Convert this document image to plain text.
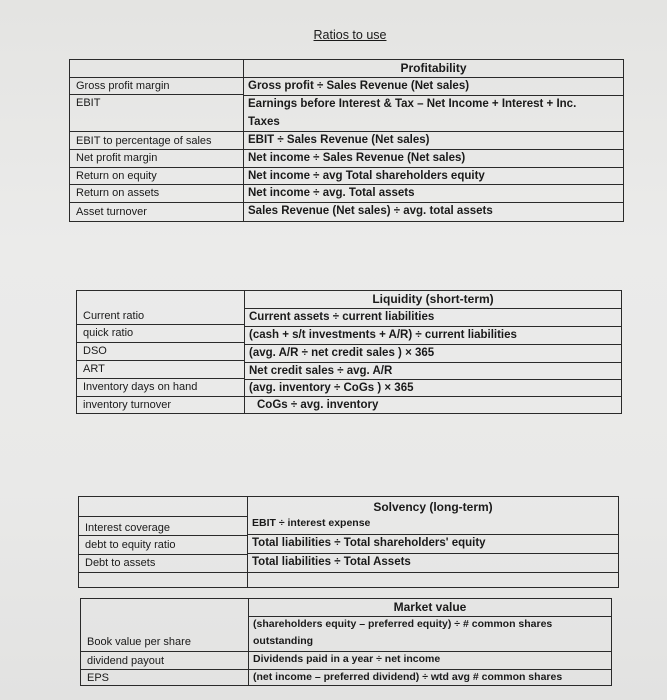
Ratios to use
Gross profit margin
EBIT
EBIT to percentage of sales
Net profit margin
Return on equity
Return on assets
Asset turnover
Profitability
Gross profit ÷ Sales Revenue (Net sales)
Earnings before Interest & Tax – Net Income + Interest + Inc.
Taxes
EBIT ÷ Sales Revenue (Net sales)
Net income ÷ Sales Revenue (Net sales)
Net income ÷ avg Total shareholders equity
Net income ÷ avg. Total assets
Sales Revenue (Net sales) ÷ avg. total assets
Current ratio
quick ratio
DSO
ART
Inventory days on hand
inventory turnover
Liquidity (short-term)
Current assets ÷ current liabilities
(cash + s/t investments + A/R) ÷ current liabilities
(avg. A/R ÷ net credit sales ) × 365
Net credit sales ÷ avg. A/R
(avg. inventory ÷ CoGs ) × 365
CoGs ÷ avg. inventory
Interest coverage
debt to equity ratio
Debt to assets
Solvency (long-term)
EBIT ÷ interest expense
Total liabilities ÷ Total shareholders' equity
Total liabilities ÷ Total Assets
Book value per share
dividend payout
EPS
Market value
(shareholders equity – preferred equity) ÷ # common shares
outstanding
Dividends paid in a year ÷ net income
(net income – preferred dividend) ÷ wtd avg # common shares
